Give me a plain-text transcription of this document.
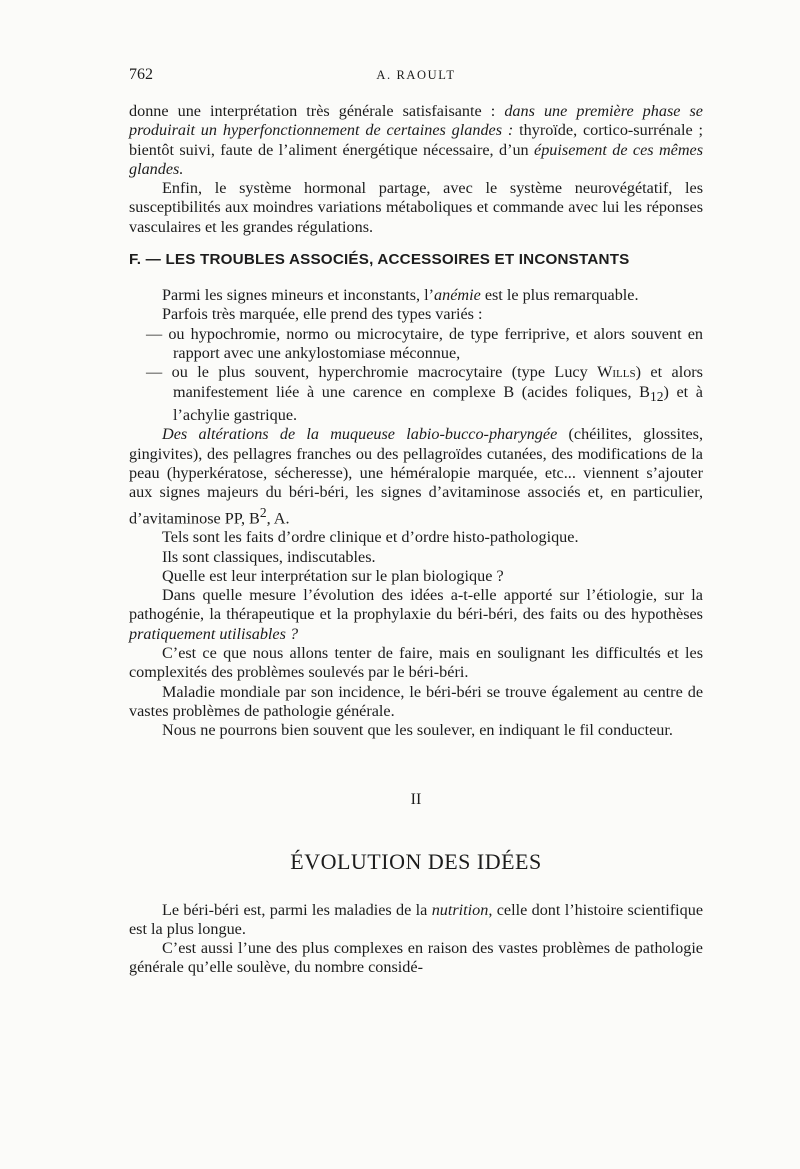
762	A. RAOULT

donne une interprétation très générale satisfaisante : dans une première phase se produirait un hyperfonctionnement de certaines glandes : thyroïde, cortico-surrénale ; bientôt suivi, faute de l’aliment énergétique nécessaire, d’un épuisement de ces mêmes glandes.

Enfin, le système hormonal partage, avec le système neurovégétatif, les susceptibilités aux moindres variations métaboliques et commande avec lui les réponses vasculaires et les grandes régulations.

F. — LES TROUBLES ASSOCIÉS, ACCESSOIRES ET INCONSTANTS

Parmi les signes mineurs et inconstants, l’anémie est le plus remarquable.

Parfois très marquée, elle prend des types variés :

— ou hypochromie, normo ou microcytaire, de type ferriprive, et alors souvent en rapport avec une ankylostomiase méconnue,

— ou le plus souvent, hyperchromie macrocytaire (type Lucy Wills) et alors manifestement liée à une carence en complexe B (acides foliques, $B_{12}$) et à l’achylie gastrique.

Des altérations de la muqueuse labio-bucco-pharyngée (chéilites, glossites, gingivites), des pellagres franches ou des pellagroïdes cutanées, des modifications de la peau (hyperkératose, sécheresse), une héméralopie marquée, etc... viennent s’ajouter aux signes majeurs du béri-béri, les signes d’avitaminose associés et, en particulier, d’avitaminose PP, $B^2$, A.

Tels sont les faits d’ordre clinique et d’ordre histo-pathologique.

Ils sont classiques, indiscutables.

Quelle est leur interprétation sur le plan biologique ?

Dans quelle mesure l’évolution des idées a-t-elle apporté sur l’étiologie, sur la pathogénie, la thérapeutique et la prophylaxie du béri-béri, des faits ou des hypothèses pratiquement utilisables ?

C’est ce que nous allons tenter de faire, mais en soulignant les difficultés et les complexités des problèmes soulevés par le béri-béri.

Maladie mondiale par son incidence, le béri-béri se trouve également au centre de vastes problèmes de pathologie générale.

Nous ne pourrons bien souvent que les soulever, en indiquant le fil conducteur.

II
ÉVOLUTION DES IDÉES

Le béri-béri est, parmi les maladies de la nutrition, celle dont l’histoire scientifique est la plus longue.

C’est aussi l’une des plus complexes en raison des vastes problèmes de pathologie générale qu’elle soulève, du nombre considé-
